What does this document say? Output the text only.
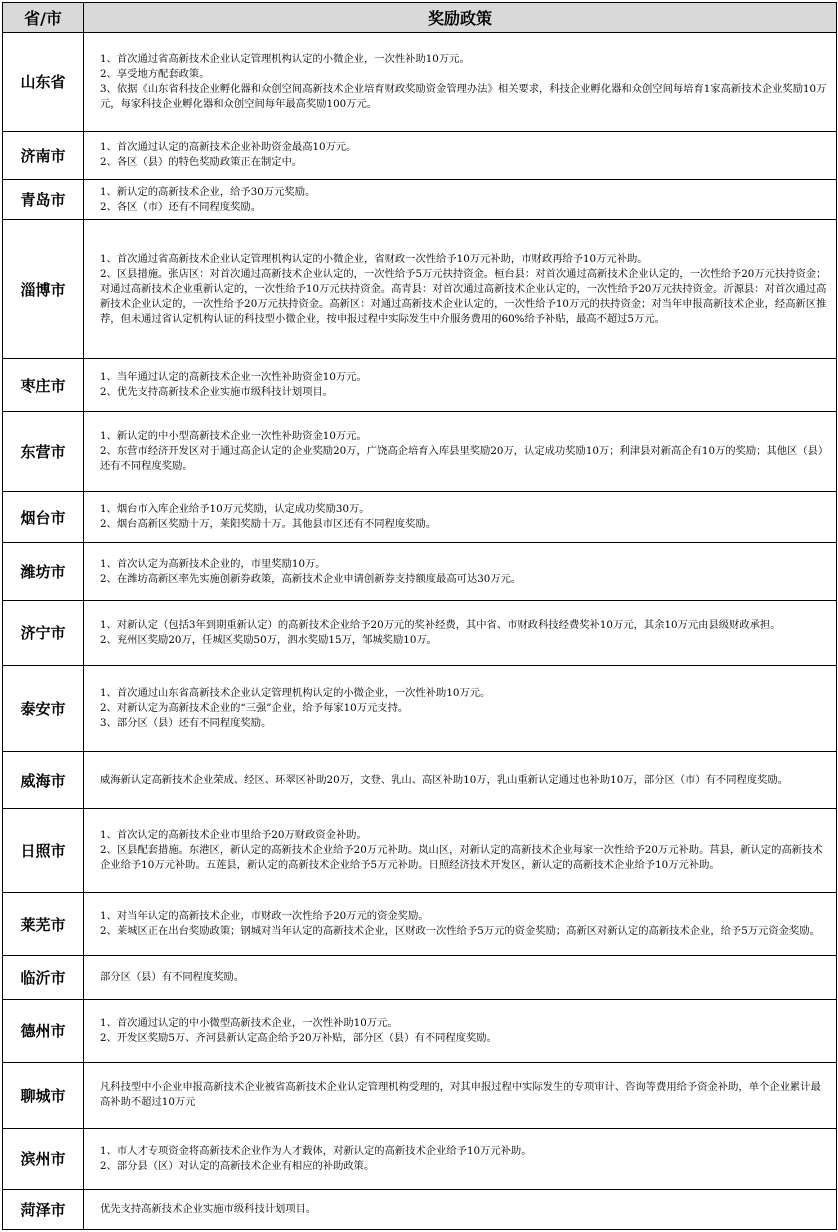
省/市	奖励政策
山东省	1、首次通过省高新技术企业认定管理机构认定的小微企业，一次性补助10万元。
2、享受地方配套政策。
3、依据《山东省科技企业孵化器和众创空间高新技术企业培育财政奖励资金管理办法》相关要求，科技企业孵化器和众创空间每培育1家高新技术企业奖励10万元，每家科技企业孵化器和众创空间每年最高奖励100万元。

济南市	1、首次通过认定的高新技术企业补助资金最高10万元。
2、各区（县）的特色奖励政策正在制定中。

青岛市	1、新认定的高新技术企业，给予30万元奖励。
2、各区（市）还有不同程度奖励。

淄博市	1、首次通过省高新技术企业认定管理机构认定的小微企业，省财政一次性给予10万元补助，市财政再给予10万元补助。
2、区县措施。张店区：对首次通过高新技术企业认定的，一次性给予5万元扶持资金。桓台县：对首次通过高新技术企业认定的，一次性给予20万元扶持资金；对通过高新技术企业重新认定的，一次性给予10万元扶持资金。高青县：对首次通过高新技术企业认定的，一次性给予20万元扶持资金。沂源县：对首次通过高新技术企业认定的，一次性给予20万元扶持资金。高新区：对通过高新技术企业认定的，一次性给予10万元的扶持资金；对当年申报高新技术企业，经高新区推荐，但未通过省认定机构认证的科技型小微企业，按申报过程中实际发生中介服务费用的60%给予补贴，最高不超过5万元。

枣庄市	1、当年通过认定的高新技术企业一次性补助资金10万元。
2、优先支持高新技术企业实施市级科技计划项目。

东营市	1、新认定的中小型高新技术企业一次性补助资金10万元。
2、东营市经济开发区对于通过高企认定的企业奖励20万，广饶高企培育入库县里奖励20万，认定成功奖励10万；利津县对新高企有10万的奖励；其他区（县）还有不同程度奖励。

烟台市	1、烟台市入库企业给予10万元奖励，认定成功奖励30万。
2、烟台高新区奖励十万，莱阳奖励十万。其他县市区还有不同程度奖励。

潍坊市	1、首次认定为高新技术企业的，市里奖励10万。
2、在潍坊高新区率先实施创新券政策，高新技术企业申请创新券支持额度最高可达30万元。

济宁市	1、对新认定（包括3年到期重新认定）的高新技术企业给予20万元的奖补经费，其中省、市财政科技经费奖补10万元，其余10万元由县级财政承担。
2、兖州区奖励20万，任城区奖励50万，泗水奖励15万，邹城奖励10万。

泰安市	1、首次通过山东省高新技术企业认定管理机构认定的小微企业，一次性补助10万元。
2、对新认定为高新技术企业的“三强”企业，给予每家10万元支持。
3、部分区（县）还有不同程度奖励。

威海市	威海新认定高新技术企业荣成、经区、环翠区补助20万，文登、乳山、高区补助10万，乳山重新认定通过也补助10万，部分区（市）有不同程度奖励。

日照市	1、首次认定的高新技术企业市里给予20万财政资金补助。
2、区县配套措施。东港区，新认定的高新技术企业给予20万元补助。岚山区，对新认定的高新技术企业每家一次性给予20万元补助。莒县，新认定的高新技术企业给予10万元补助。五莲县，新认定的高新技术企业给予5万元补助。日照经济技术开发区，新认定的高新技术企业给予10万元补助。

莱芜市	1、对当年认定的高新技术企业，市财政一次性给予20万元的资金奖励。
2、莱城区正在出台奖励政策；钢城对当年认定的高新技术企业，区财政一次性给予5万元的资金奖励；高新区对新认定的高新技术企业，给予5万元资金奖励。

临沂市	部分区（县）有不同程度奖励。

德州市	1、首次通过认定的中小微型高新技术企业，一次性补助10万元。
2、开发区奖励5万、齐河县新认定高企给予20万补贴，部分区（县）有不同程度奖励。

聊城市	凡科技型中小企业申报高新技术企业被省高新技术企业认定管理机构受理的，对其申报过程中实际发生的专项审计、咨询等费用给予资金补助，单个企业累计最高补助不超过10万元

滨州市	1、市人才专项资金将高新技术企业作为人才载体，对新认定的高新技术企业给予10万元补助。
2、部分县（区）对认定的高新技术企业有相应的补助政策。

菏泽市	优先支持高新技术企业实施市级科技计划项目。
